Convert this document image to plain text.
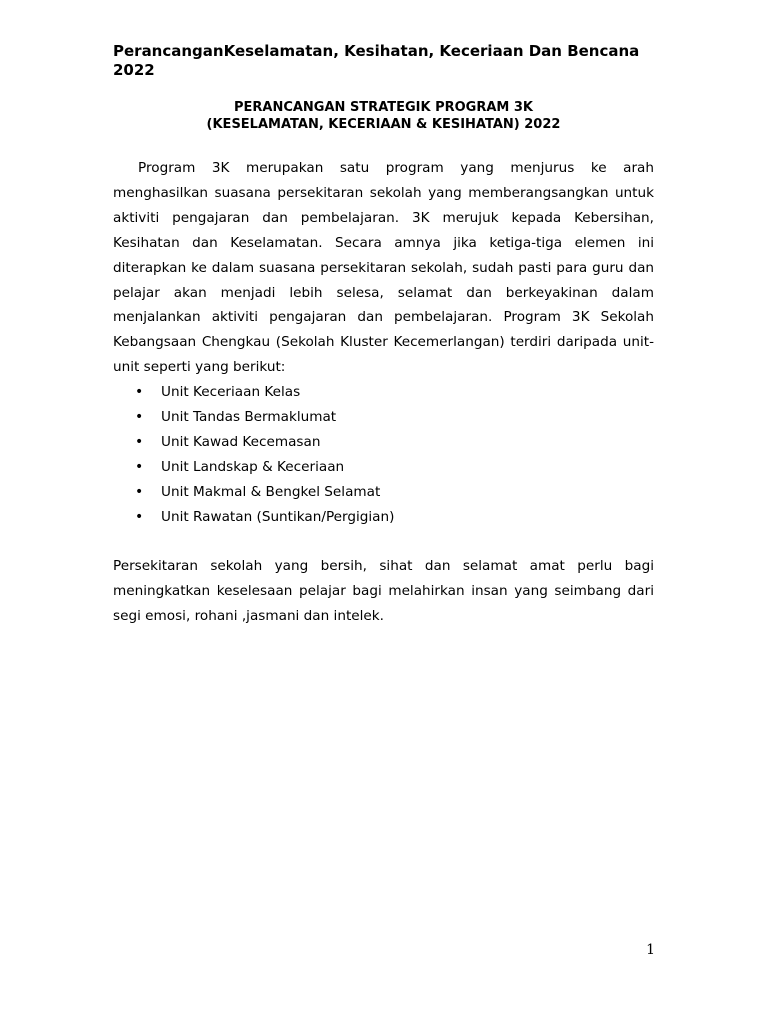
PerancanganKeselamatan, Kesihatan, Keceriaan Dan Bencana
2022
PERANCANGAN STRATEGIK PROGRAM 3K
(KESELAMATAN, KECERIAAN & KESIHATAN) 2022
Program 3K merupakan satu program yang menjurus ke arah menghasilkan suasana persekitaran sekolah yang memberangsangkan untuk aktiviti pengajaran dan pembelajaran. 3K merujuk kepada Kebersihan, Kesihatan dan Keselamatan. Secara amnya jika ketiga-tiga elemen ini diterapkan ke dalam suasana persekitaran sekolah, sudah pasti para guru dan pelajar akan menjadi lebih selesa, selamat dan berkeyakinan dalam menjalankan aktiviti pengajaran dan pembelajaran. Program 3K Sekolah Kebangsaan Chengkau (Sekolah Kluster Kecemerlangan) terdiri daripada unit-unit seperti yang berikut:
• Unit Keceriaan Kelas
• Unit Tandas Bermaklumat
• Unit Kawad Kecemasan
• Unit Landskap & Keceriaan
• Unit Makmal & Bengkel Selamat
• Unit Rawatan (Suntikan/Pergigian)
Persekitaran sekolah yang bersih, sihat dan selamat amat perlu bagi meningkatkan keselesaan pelajar bagi melahirkan insan yang seimbang dari segi emosi, rohani ,jasmani dan intelek.
1
